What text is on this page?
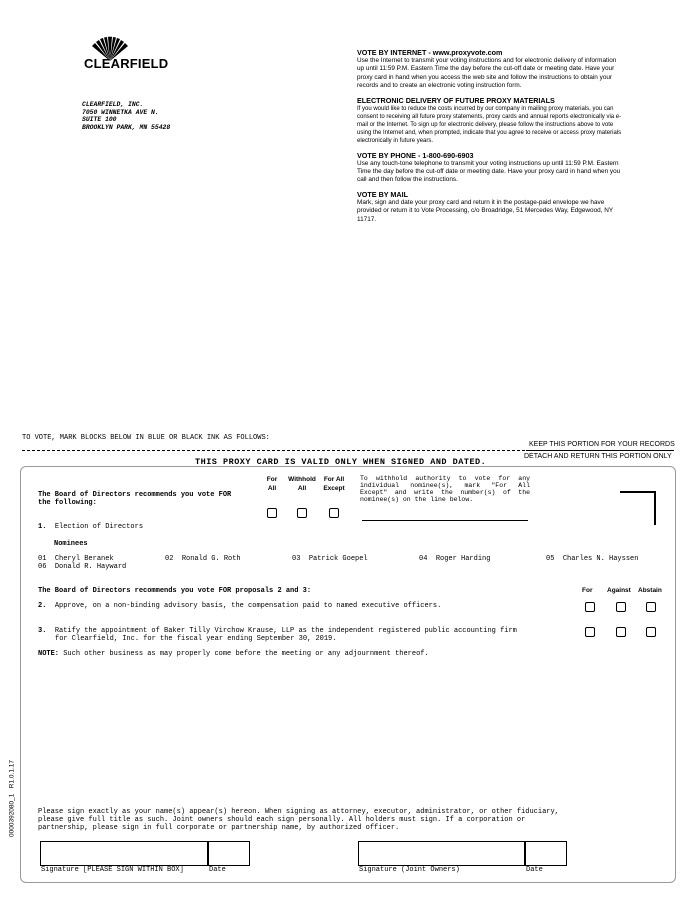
CLEARFIELD
CLEARFIELD, INC.
7050 WINNETKA AVE N.
SUITE 100
BROOKLYN PARK, MN 55428

VOTE BY INTERNET - www.proxyvote.com

Use the Internet to transmit your voting instructions and for electronic delivery of information up until 11:59 P.M. Eastern Time the day before the cut-off date or meeting date. Have your proxy card in hand when you access the web site and follow the instructions to obtain your records and to create an electronic voting instruction form.

ELECTRONIC DELIVERY OF FUTURE PROXY MATERIALS

If you would like to reduce the costs incurred by our company in mailing proxy materials, you can consent to receiving all future proxy statements, proxy cards and annual reports electronically via e-mail or the Internet. To sign up for electronic delivery, please follow the instructions above to vote using the Internet and, when prompted, indicate that you agree to receive or access proxy materials electronically in future years.

VOTE BY PHONE - 1-800-690-6903

Use any touch-tone telephone to transmit your voting instructions up until 11:59 P.M. Eastern Time the day before the cut-off date or meeting date. Have your proxy card in hand when you call and then follow the instructions.

VOTE BY MAIL

Mark, sign and date your proxy card and return it in the postage-paid envelope we have provided or return it to Vote Processing, c/o Broadridge, 51 Mercedes Way, Edgewood, NY 11717.

TO VOTE, MARK BLOCKS BELOW IN BLUE OR BLACK INK AS FOLLOWS:
KEEP THIS PORTION FOR YOUR RECORDS
DETACH AND RETURN THIS PORTION ONLY
THIS PROXY CARD IS VALID ONLY WHEN SIGNED AND DATED.
The Board of Directors recommends you vote FOR the following:
For All
Withhold All
For All Except
To withhold authority to vote for any individual nominee(s), mark "For All Except" and write the number(s) of the nominee(s) on the line below.
1. Election of Directors
Nominees
01 Cheryl Beranek	02 Ronald G. Roth	03 Patrick Goepel	04 Roger Harding	05 Charles N. Hayssen
06 Donald R. Hayward
The Board of Directors recommends you vote FOR proposals 2 and 3:	For Against Abstain
2. Approve, on a non-binding advisory basis, the compensation paid to named executive officers.
3. Ratify the appointment of Baker Tilly Virchow Krause, LLP as the independent registered public accounting firm
for Clearfield, Inc. for the fiscal year ending September 30, 2019.
NOTE: Such other business as may properly come before the meeting or any adjournment thereof.
Please sign exactly as your name(s) appear(s) hereon. When signing as attorney, executor, administrator, or other fiduciary,
please give full title as such. Joint owners should each sign personally. All holders must sign. If a corporation or
partnership, please sign in full corporate or partnership name, by authorized officer.
Signature [PLEASE SIGN WITHIN BOX]	Date	Signature (Joint Owners)	Date
0000392080_1   R1.0.1.17
